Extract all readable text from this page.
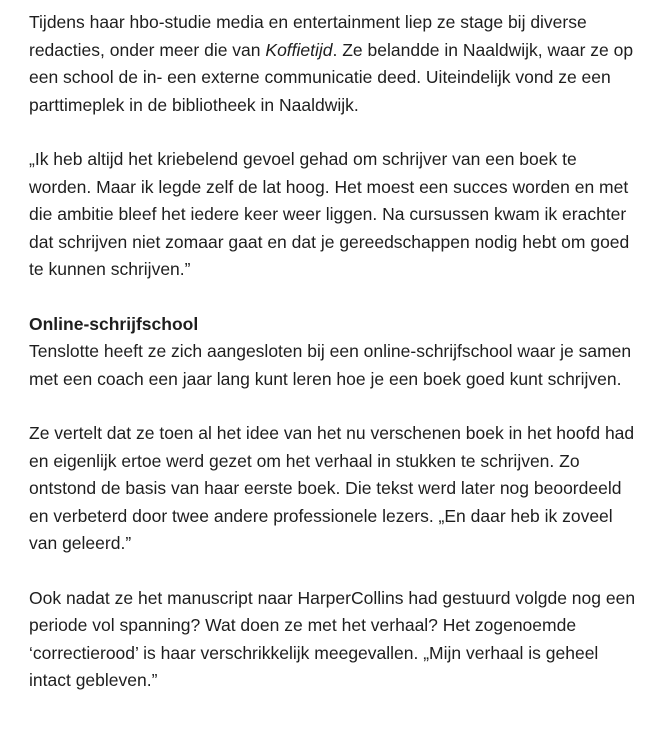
Tijdens haar hbo-studie media en entertainment liep ze stage bij diverse redacties, onder meer die van Koffietijd. Ze belandde in Naaldwijk, waar ze op een school de in- een externe communicatie deed. Uiteindelijk vond ze een parttimeplek in de bibliotheek in Naaldwijk.

„Ik heb altijd het kriebelend gevoel gehad om schrijver van een boek te worden. Maar ik legde zelf de lat hoog. Het moest een succes worden en met die ambitie bleef het iedere keer weer liggen. Na cursussen kwam ik erachter dat schrijven niet zomaar gaat en dat je gereedschappen nodig hebt om goed te kunnen schrijven.”

Online-schrijfschool

Tenslotte heeft ze zich aangesloten bij een online-schrijfschool waar je samen met een coach een jaar lang kunt leren hoe je een boek goed kunt schrijven.

Ze vertelt dat ze toen al het idee van het nu verschenen boek in het hoofd had en eigenlijk ertoe werd gezet om het verhaal in stukken te schrijven. Zo ontstond de basis van haar eerste boek. Die tekst werd later nog beoordeeld en verbeterd door twee andere professionele lezers. „En daar heb ik zoveel van geleerd.”

Ook nadat ze het manuscript naar HarperCollins had gestuurd volgde nog een periode vol spanning? Wat doen ze met het verhaal? Het zogenoemde ‘correctierood’ is haar verschrikkelijk meegevallen. „Mijn verhaal is geheel intact gebleven.”
